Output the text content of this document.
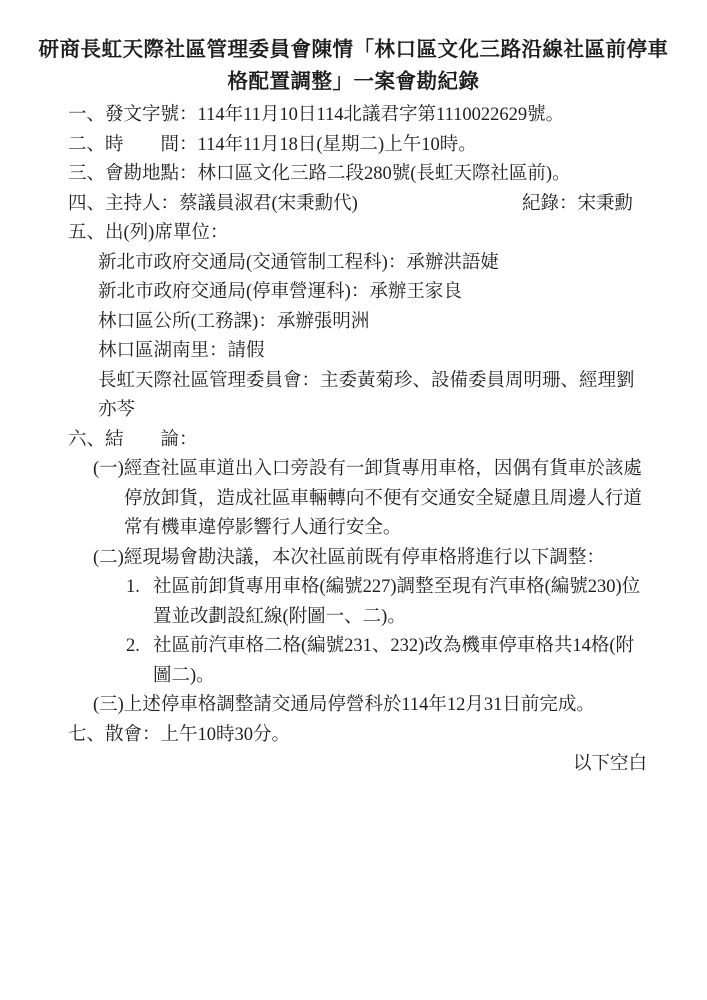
研商長虹天際社區管理委員會陳情「林口區文化三路沿線社區前停車
格配置調整」一案會勘紀錄

一、發文字號：114年11月10日114北議君字第1110022629號。

二、時　　間：114年11月18日(星期二)上午10時。

三、會勘地點：林口區文化三路二段280號(長虹天際社區前)。

四、主持人：蔡議員淑君(宋秉勳代)	紀錄：宋秉勳

五、出(列)席單位：

新北市政府交通局(交通管制工程科)：承辦洪語婕

新北市政府交通局(停車營運科)：承辦王家良

林口區公所(工務課)：承辦張明洲

林口區湖南里：請假

長虹天際社區管理委員會：主委黃菊珍、設備委員周明珊、經理劉亦芩

六、結　　論：

(一) 經查社區車道出入口旁設有一卸貨專用車格，因偶有貨車於該處停放卸貨，造成社區車輛轉向不便有交通安全疑慮且周邊人行道常有機車違停影響行人通行安全。
(二) 經現場會勘決議，本次社區前既有停車格將進行以下調整：
1. 社區前卸貨專用車格(編號227)調整至現有汽車格(編號230)位置並改劃設紅線(附圖一、二)。
2. 社區前汽車格二格(編號231、232)改為機車停車格共14格(附圖二)。
(三) 上述停車格調整請交通局停營科於114年12月31日前完成。

七、散會：上午10時30分。

以下空白
